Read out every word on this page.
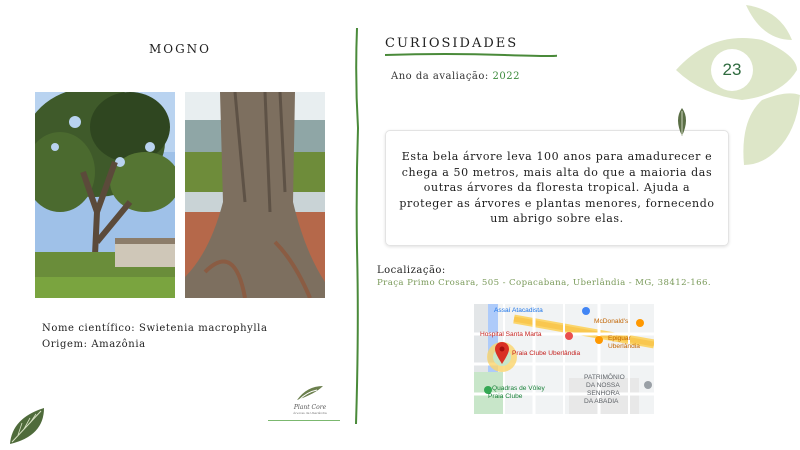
MOGNO
Nome científico: Swietenia macrophylla
Origem: Amazônia
Plant Core
Árvores de Uberlândia
CURIOSIDADES
Ano da avaliação: 2022
Esta bela árvore leva 100 anos para amadurecer e chega a 50 metros, mais alta do que a maioria das outras árvores da floresta tropical. Ajuda a proteger as árvores e plantas menores, fornecendo um abrigo sobre elas.
Localização:
Praça Primo Crosara, 505 - Copacabana, Uberlândia - MG, 38412-166.
Assaí Atacadista
McDonald's
Hospital Santa Marta
Praia Clube Uberlândia
Epiguar
Uberlândia
PATRIMÔNIO
DA NOSSA
SENHORA
DA ABADIA
Quadras de Vôley
Praia Clube
23
